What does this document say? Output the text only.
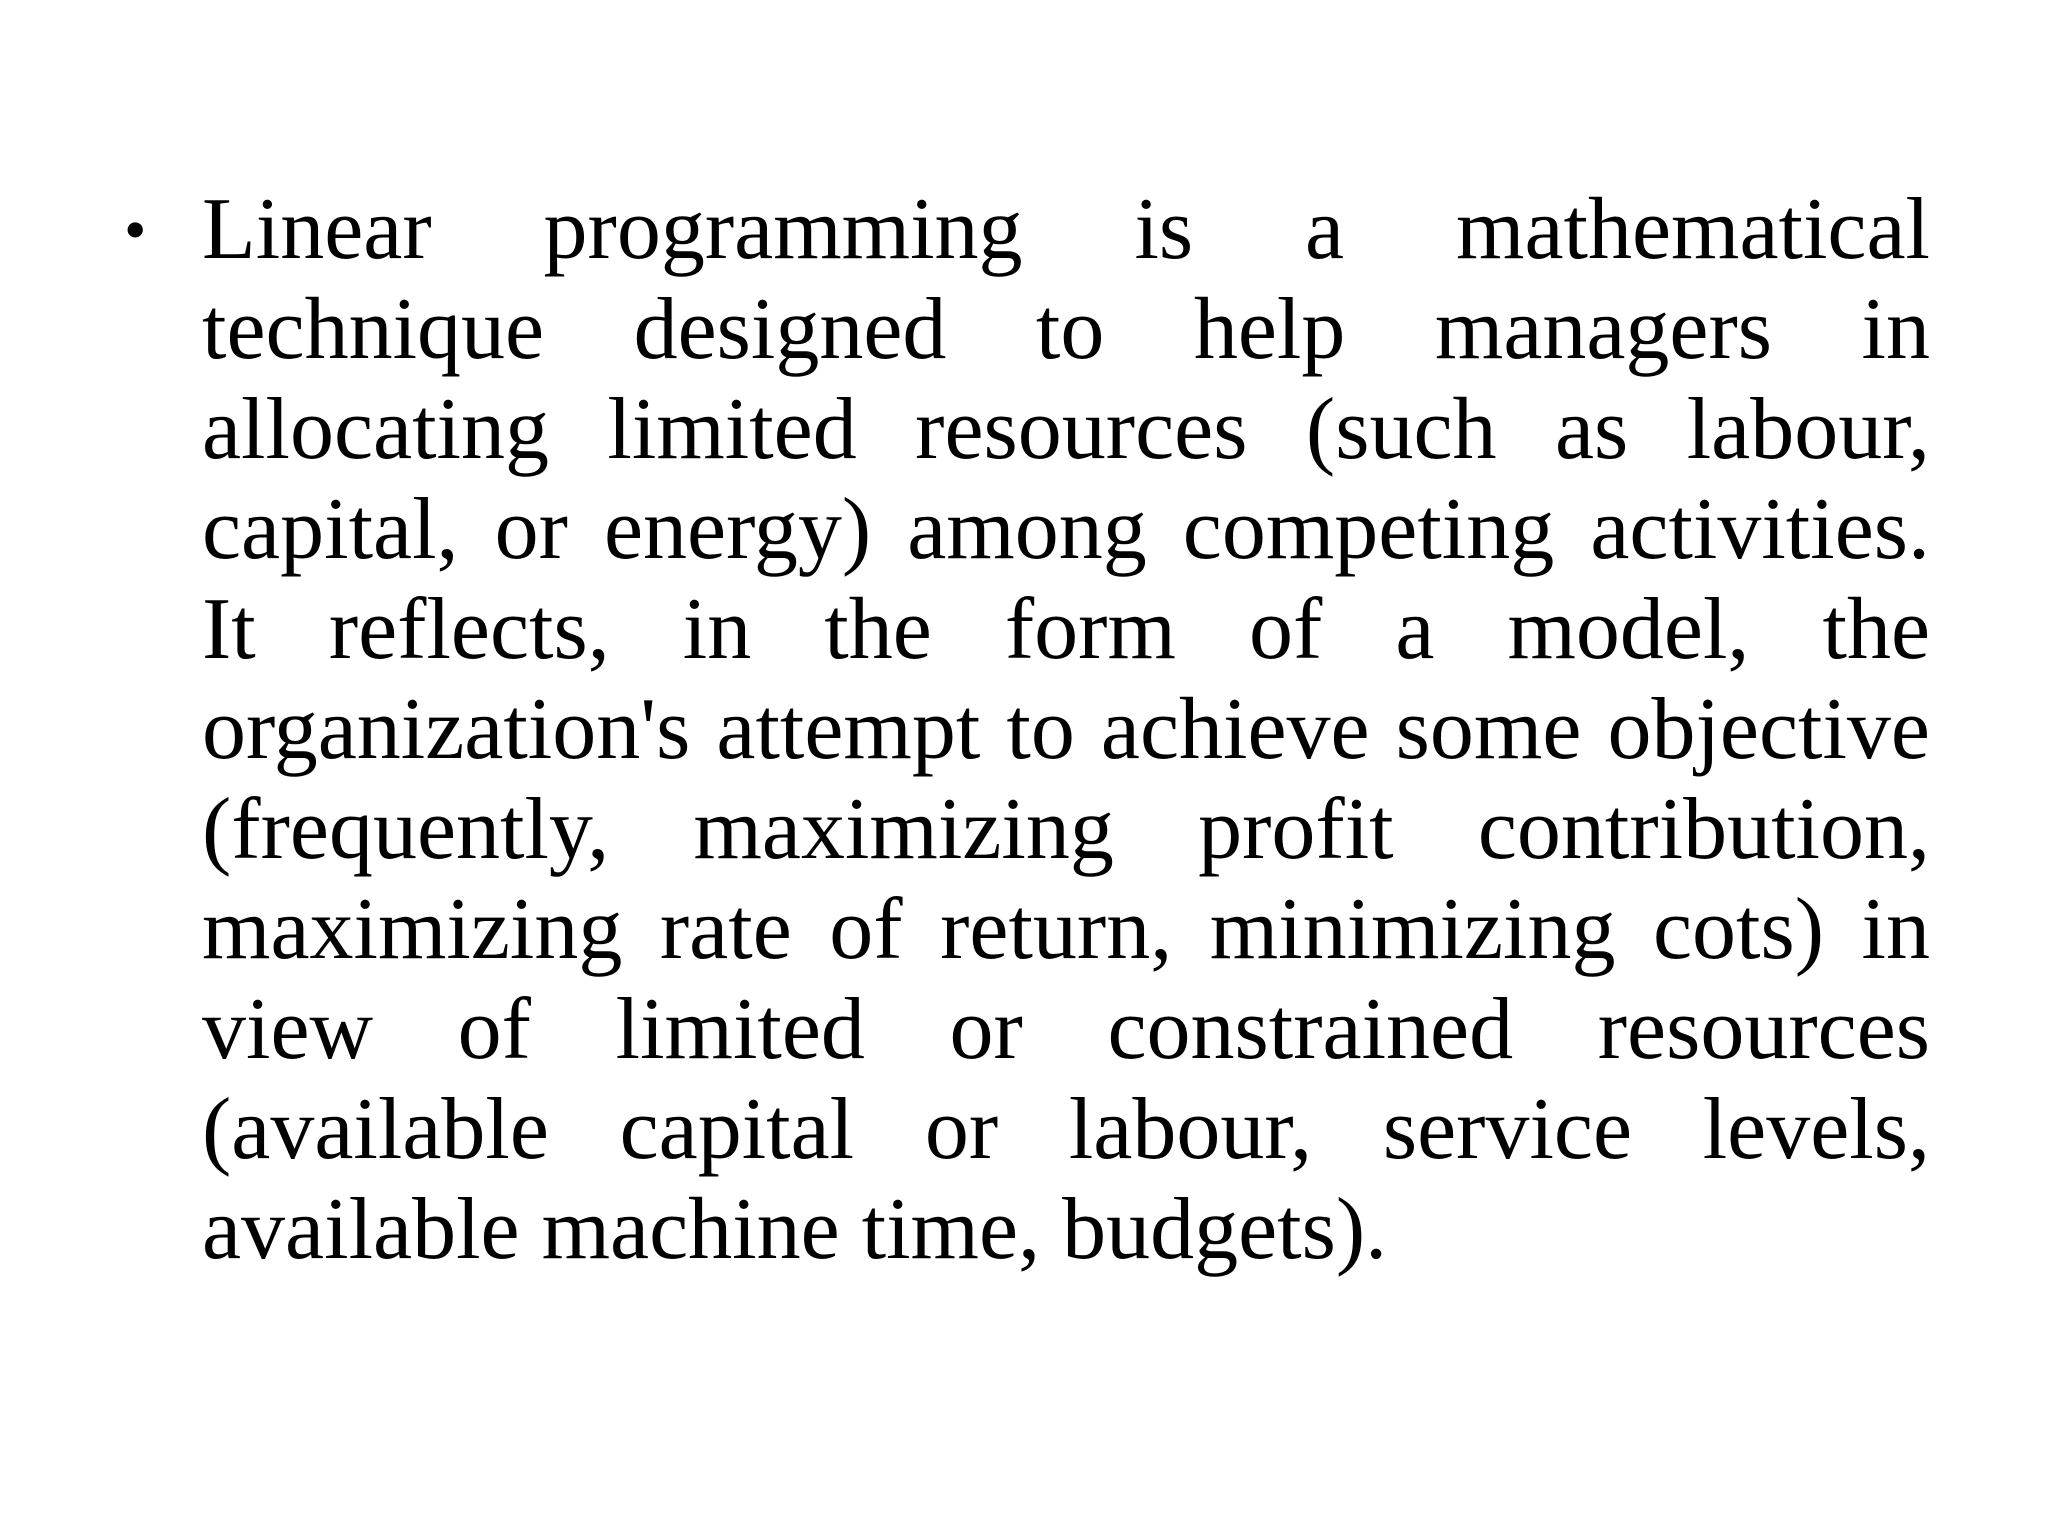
• Linear programming is a mathematical technique designed to help managers in allocating limited resources (such as labour, capital, or energy) among competing activities. It reflects, in the form of a model, the organization's attempt to achieve some objective (frequently, maximizing profit contribution, maximizing rate of return, minimizing cots) in view of limited or constrained resources (available capital or labour, service levels, available machine time, budgets).
